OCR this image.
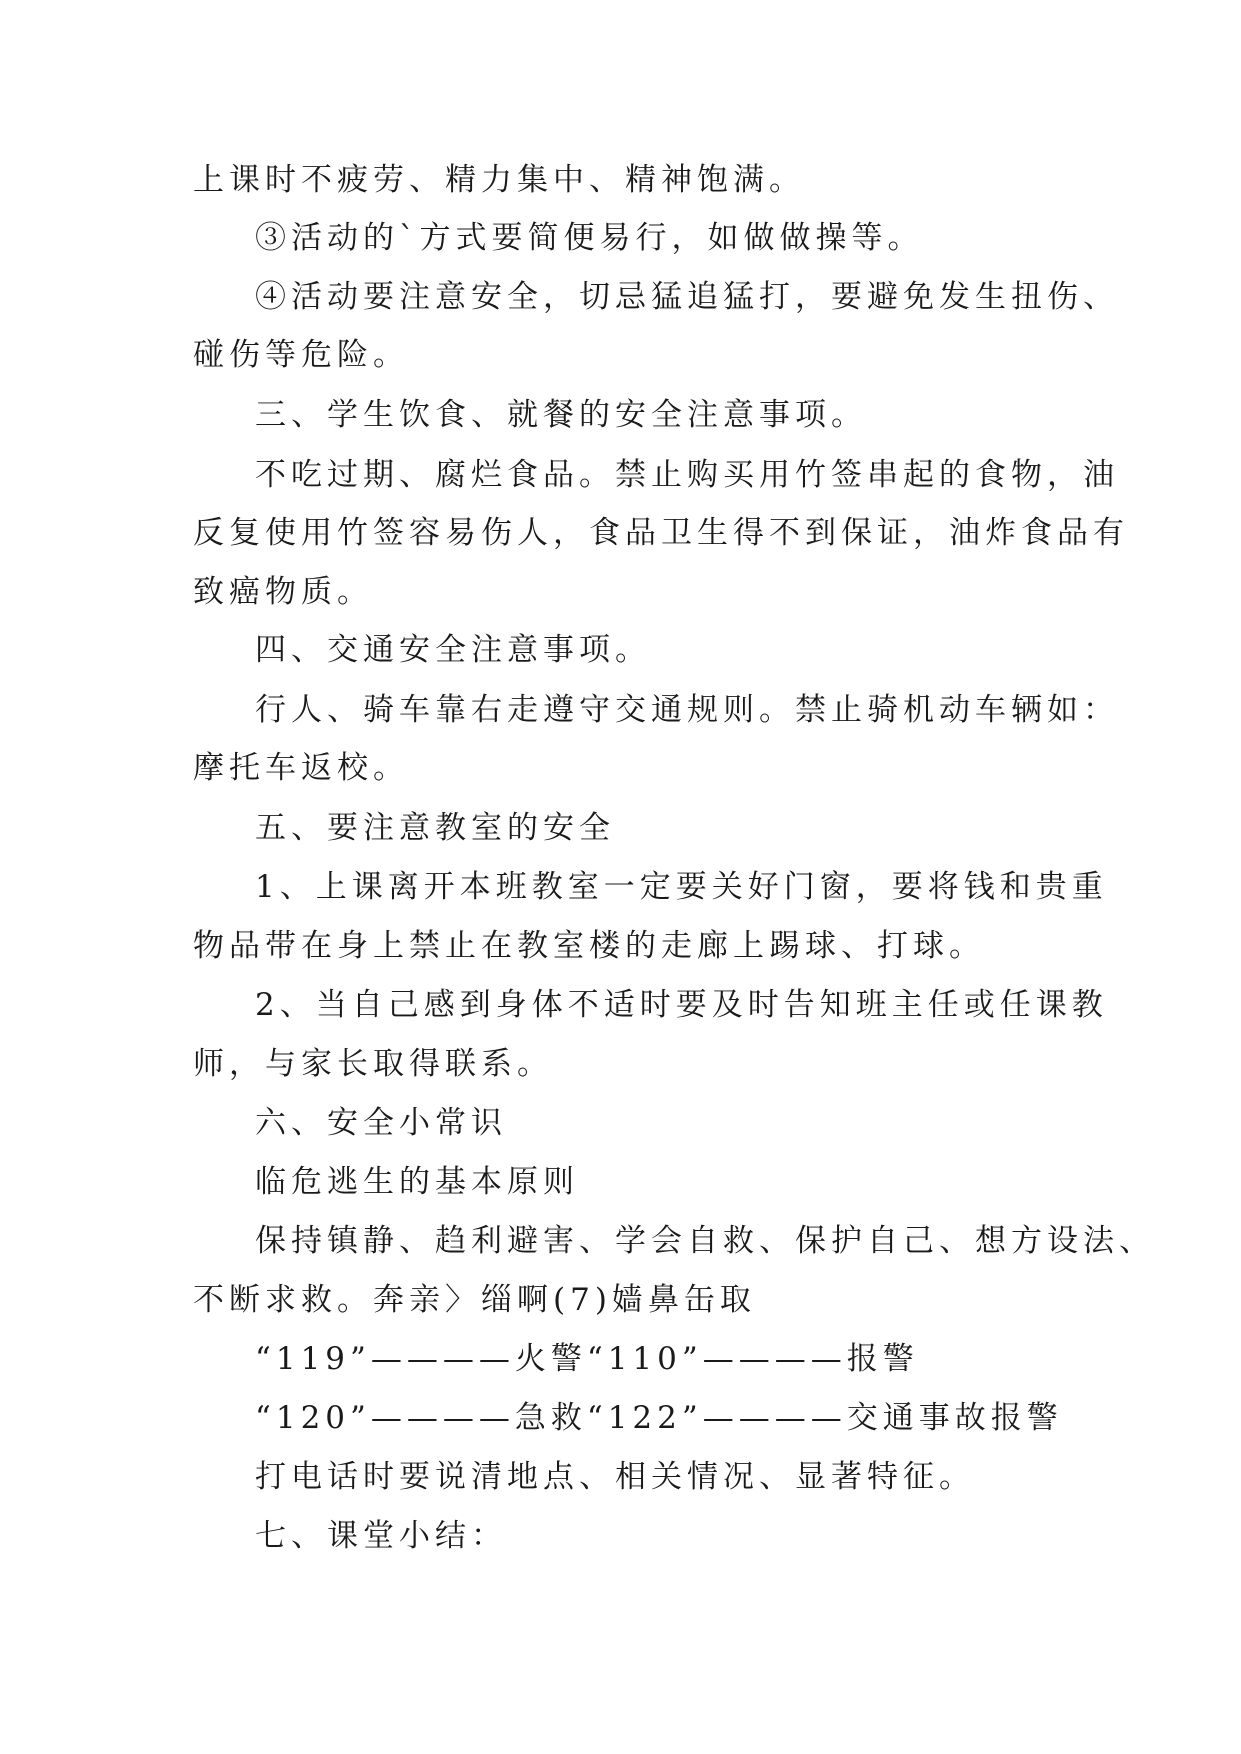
上课时不疲劳、精力集中、精神饱满。
③活动的`方式要简便易行，如做做操等。
④活动要注意安全，切忌猛追猛打，要避免发生扭伤、
碰伤等危险。
三、学生饮食、就餐的安全注意事项。
不吃过期、腐烂食品。禁止购买用竹签串起的食物，油
反复使用竹签容易伤人，食品卫生得不到保证，油炸食品有
致癌物质。
四、交通安全注意事项。
行人、骑车靠右走遵守交通规则。禁止骑机动车辆如：
摩托车返校。
五、要注意教室的安全
1、上课离开本班教室一定要关好门窗，要将钱和贵重
物品带在身上禁止在教室楼的走廊上踢球、打球。
2、当自己感到身体不适时要及时告知班主任或任课教
师，与家长取得联系。
六、安全小常识
临危逃生的基本原则
保持镇静、趋利避害、学会自救、保护自己、想方设法、
不断求救。奔亲〉缁啊(7)嫱鼻缶取
“119”————火警“110”————报警
“120”————急救“122”————交通事故报警
打电话时要说清地点、相关情况、显著特征。
七、课堂小结：
